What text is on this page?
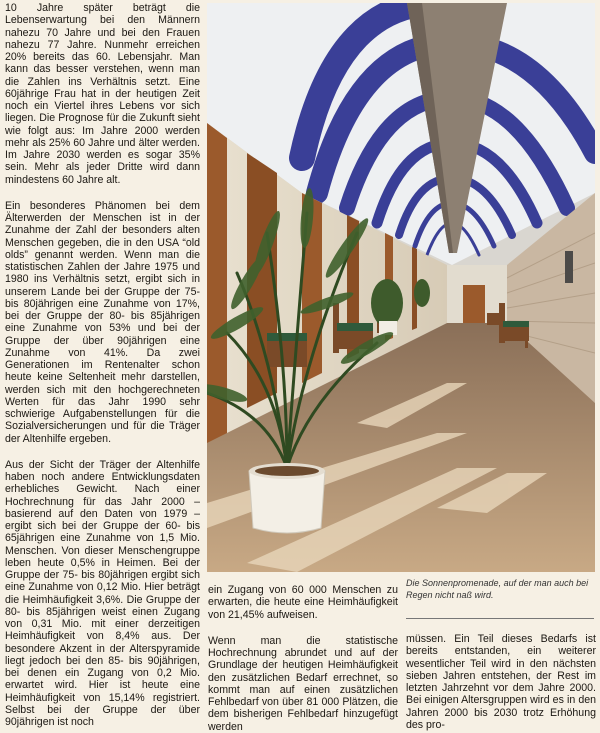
10 Jahre später beträgt die Lebenserwartung bei den Männern nahezu 70 Jahre und bei den Frauen nahezu 77 Jahre. Nunmehr erreichen 20% bereits das 60. Lebensjahr. Man kann das besser verstehen, wenn man die Zahlen ins Verhältnis setzt. Eine 60jährige Frau hat in der heutigen Zeit noch ein Viertel ihres Lebens vor sich liegen. Die Prognose für die Zukunft sieht wie folgt aus: Im Jahre 2000 werden mehr als 25% 60 Jahre und älter werden. Im Jahre 2030 werden es sogar 35% sein. Mehr als jeder Dritte wird dann mindestens 60 Jahre alt.

Ein besonderes Phänomen bei dem Älterwerden der Menschen ist in der Zunahme der Zahl der besonders alten Menschen gegeben, die in den USA “old olds” genannt werden. Wenn man die statistischen Zahlen der Jahre 1975 und 1980 ins Verhältnis setzt, ergibt sich in unserem Lande bei der Gruppe der 75- bis 80jährigen eine Zunahme von 17%, bei der Gruppe der 80- bis 85jährigen eine Zunahme von 53% und bei der Gruppe der über 90jährigen eine Zunahme von 41%. Da zwei Generationen im Rentenalter schon heute keine Seltenheit mehr darstellen, werden sich mit den hochgerechneten Werten für das Jahr 1990 sehr schwierige Aufgabenstellungen für die Sozialversicherungen und für die Träger der Altenhilfe ergeben.

Aus der Sicht der Träger der Altenhilfe haben noch andere Entwicklungsdaten erhebliches Gewicht. Nach einer Hochrechnung für das Jahr 2000 – basierend auf den Daten von 1979 – ergibt sich bei der Gruppe der 60- bis 65jährigen eine Zunahme von 1,5 Mio. Menschen. Von dieser Menschengruppe leben heute 0,5% in Heimen. Bei der Gruppe der 75- bis 80jährigen ergibt sich eine Zunahme von 0,12 Mio. Hier beträgt die Heimhäufigkeit 3,6%. Die Gruppe der 80- bis 85jährigen weist einen Zugang von 0,31 Mio. mit einer derzeitigen Heimhäufigkeit von 8,4% aus. Der besondere Akzent in der Alterspyramide liegt jedoch bei den 85- bis 90jährigen, bei denen ein Zugang von 0,2 Mio. erwartet wird. Hier ist heute eine Heimhäufigkeit von 15,14% registriert. Selbst bei der Gruppe der über 90jährigen ist noch

Die Sonnenpromenade, auf der man auch bei Regen nicht naß wird.

ein Zugang von 60 000 Menschen zu erwarten, die heute eine Heimhäufigkeit von 21,45% aufweisen.

Wenn man die statistische Hochrechnung abrundet und auf der Grundlage der heutigen Heimhäufigkeit den zusätzlichen Bedarf errechnet, so kommt man auf einen zusätzlichen Fehlbedarf von über 81 000 Plätzen, die dem bisherigen Fehlbedarf hinzugefügt werden

müssen. Ein Teil dieses Bedarfs ist bereits entstanden, ein weiterer wesentlicher Teil wird in den nächsten sieben Jahren entstehen, der Rest im letzten Jahrzehnt vor dem Jahre 2000. Bei einigen Altersgruppen wird es in den Jahren 2000 bis 2030 trotz Erhöhung des pro-
